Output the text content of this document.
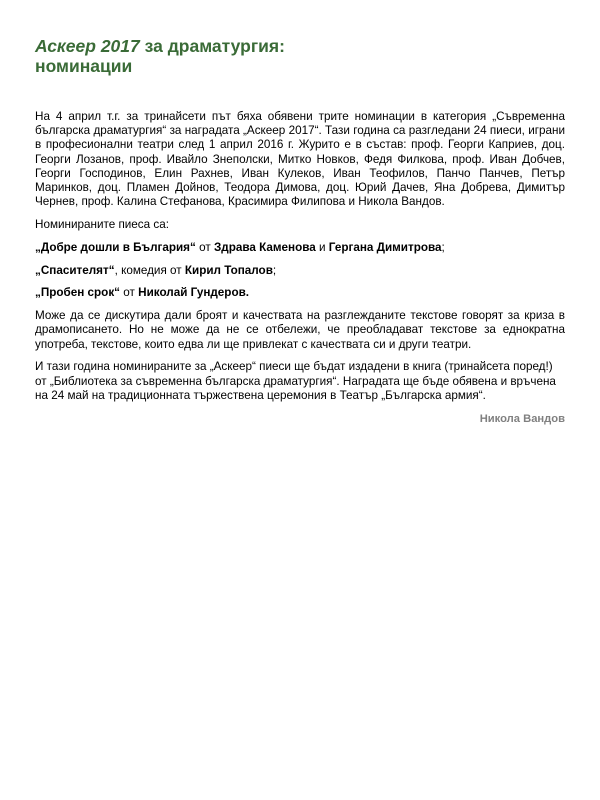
Аскеер 2017 за драматургия:
номинации

На 4 април т.г. за тринайсети път бяха обявени трите номинации в категория „Съвременна българска драматургия“ за наградата „Аскеер 2017“. Тази година са разгледани 24 пиеси, играни в професионални театри след 1 април 2016 г. Журито е в състав: проф. Георги Каприев, доц. Георги Лозанов, проф. Ивайло Знеполски, Митко Новков, Федя Филкова, проф. Иван Добчев, Георги Господинов, Елин Рахнев, Иван Кулеков, Иван Теофилов, Панчо Панчев, Петър Маринков, доц. Пламен Дойнов, Теодора Димова, доц. Юрий Дачев, Яна Добрева, Димитър Чернев, проф. Калина Стефанова, Красимира Филипова и Никола Вандов.

Номинираните пиеса са:

„Добре дошли в България“ от Здрава Каменова и Гергана Димитрова;

„Спасителят“, комедия от Кирил Топалов;

„Пробен срок“ от Николай Гундеров.

Може да се дискутира дали броят и качествата на разглежданите текстове говорят за криза в драмописането. Но не може да не се отбележи, че преобладават текстове за еднократна употреба, текстове, които едва ли ще привлекат с качествата си и други театри.

И тази година номинираните за „Аскеер“ пиеси ще бъдат издадени в книга (тринайсета поред!) от „Библиотека за съвременна българска драматургия“. Наградата ще бъде обявена и връчена на 24 май на традиционната тържествена церемония в Театър „Българска армия“.

Никола Вандов
